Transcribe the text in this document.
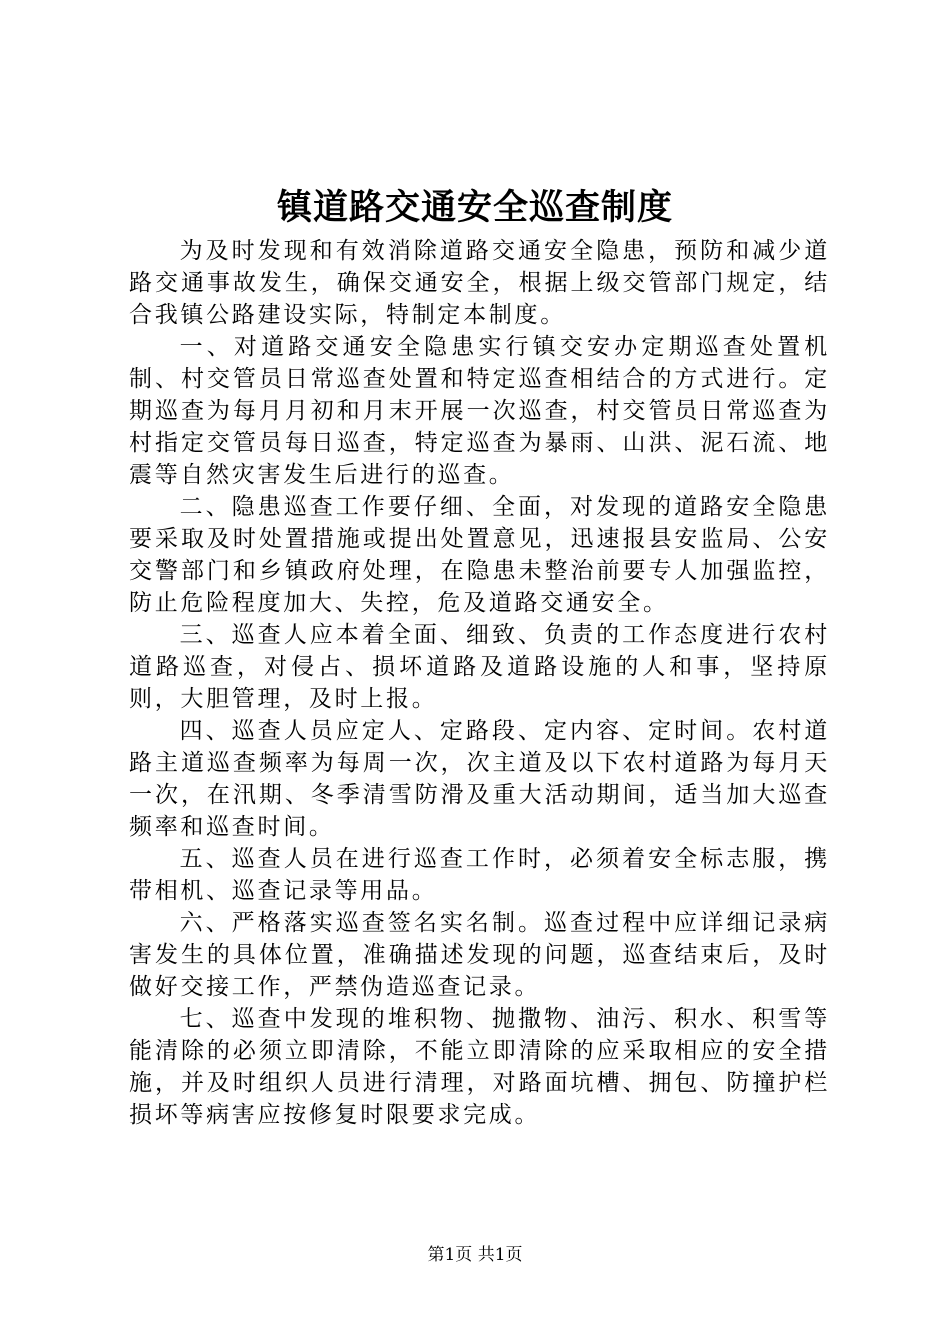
镇道路交通安全巡查制度

为及时发现和有效消除道路交通安全隐患，预防和减少道路交通事故发生，确保交通安全，根据上级交管部门规定，结合我镇公路建设实际，特制定本制度。

一、对道路交通安全隐患实行镇交安办定期巡查处置机制、村交管员日常巡查处置和特定巡查相结合的方式进行。定期巡查为每月月初和月末开展一次巡查，村交管员日常巡查为村指定交管员每日巡查，特定巡查为暴雨、山洪、泥石流、地震等自然灾害发生后进行的巡查。

二、隐患巡查工作要仔细、全面，对发现的道路安全隐患要采取及时处置措施或提出处置意见，迅速报县安监局、公安交警部门和乡镇政府处理，在隐患未整治前要专人加强监控，防止危险程度加大、失控，危及道路交通安全。

三、巡查人应本着全面、细致、负责的工作态度进行农村道路巡查，对侵占、损坏道路及道路设施的人和事，坚持原则，大胆管理，及时上报。

四、巡查人员应定人、定路段、定内容、定时间。农村道路主道巡查频率为每周一次，次主道及以下农村道路为每月天一次，在汛期、冬季清雪防滑及重大活动期间，适当加大巡查频率和巡查时间。

五、巡查人员在进行巡查工作时，必须着安全标志服，携带相机、巡查记录等用品。

六、严格落实巡查签名实名制。巡查过程中应详细记录病害发生的具体位置，准确描述发现的问题，巡查结束后，及时做好交接工作，严禁伪造巡查记录。

七、巡查中发现的堆积物、抛撒物、油污、积水、积雪等能清除的必须立即清除，不能立即清除的应采取相应的安全措施，并及时组织人员进行清理，对路面坑槽、拥包、防撞护栏损坏等病害应按修复时限要求完成。

第1页 共1页
